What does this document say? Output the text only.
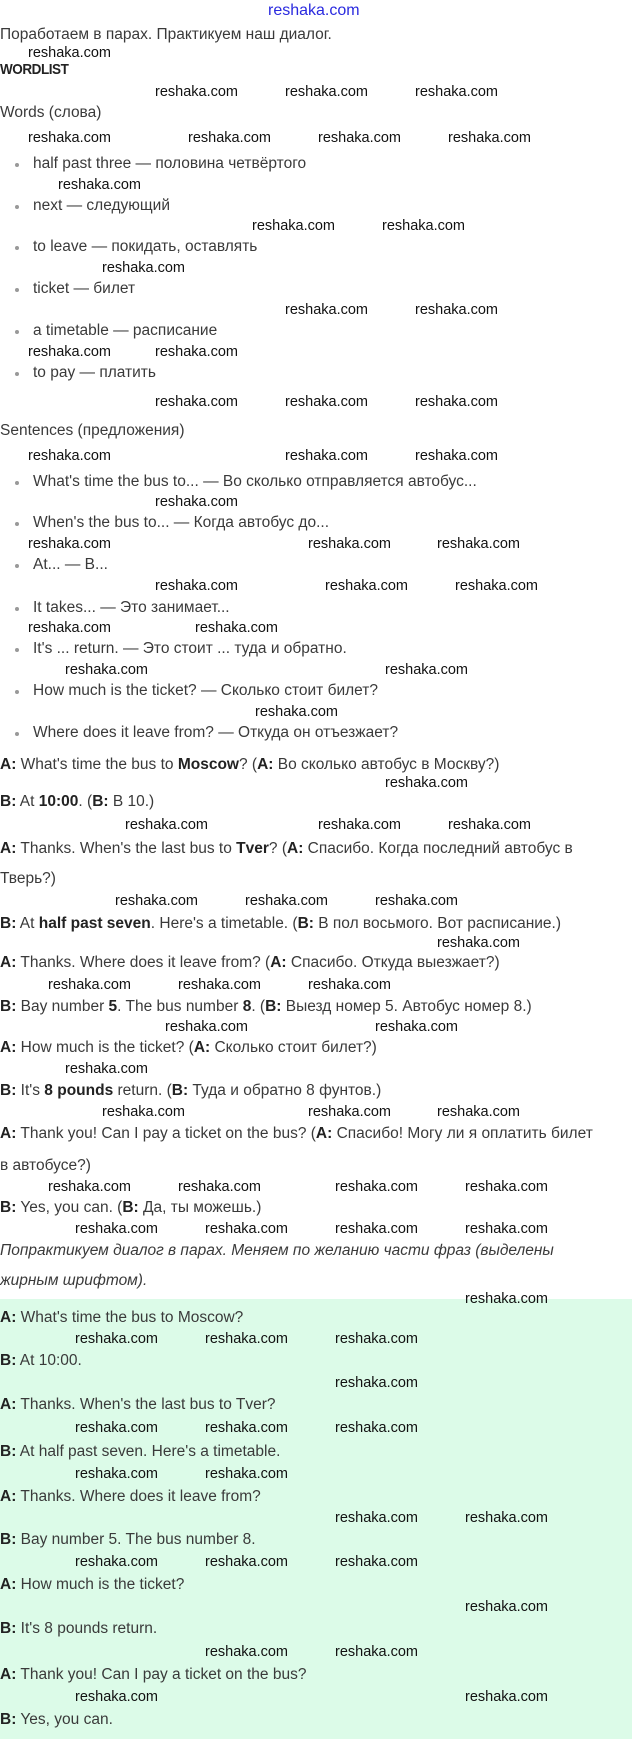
reshaka.com
Поработаем в парах. Практикуем наш диалог.
WORDLIST
Words (слова)
half past three — половина четвёртого
next — следующий
to leave — покидать, оставлять
ticket — билет
a timetable — расписание
to pay — платить
Sentences (предложения)
What's time the bus to... — Во сколько отправляется автобус...
When's the bus to... — Когда автобус до...
At... — В...
It takes... — Это занимает...
It's ... return. — Это стоит ... туда и обратно.
How much is the ticket? — Сколько стоит билет?
Where does it leave from? — Откуда он отъезжает?
A: What's time the bus to Moscow? (A: Во сколько автобус в Москву?)
B: At 10:00. (B: В 10.)
A: Thanks. When's the last bus to Tver? (A: Спасибо. Когда последний автобус в
Тверь?)
B: At half past seven. Here's a timetable. (B: В пол восьмого. Вот расписание.)
A: Thanks. Where does it leave from? (A: Спасибо. Откуда выезжает?)
B: Bay number 5. The bus number 8. (B: Выезд номер 5. Автобус номер 8.)
A: How much is the ticket? (A: Сколько стоит билет?)
B: It's 8 pounds return. (B: Туда и обратно 8 фунтов.)
A: Thank you! Can I pay a ticket on the bus? (A: Спасибо! Могу ли я оплатить билет
в автобусе?)
B: Yes, you can. (B: Да, ты можешь.)
Попрактикуем диалог в парах. Меняем по желанию части фраз (выделены
жирным шрифтом).
A: What's time the bus to Moscow?
B: At 10:00.
A: Thanks. When's the last bus to Tver?
B: At half past seven. Here's a timetable.
A: Thanks. Where does it leave from?
B: Bay number 5. The bus number 8.
A: How much is the ticket?
B: It's 8 pounds return.
A: Thank you! Can I pay a ticket on the bus?
B: Yes, you can.
reshaka.com
reshaka.com	reshaka.com	reshaka.com
reshaka.com	reshaka.com	reshaka.com	reshaka.com
reshaka.com
reshaka.com	reshaka.com
reshaka.com
reshaka.com	reshaka.com
reshaka.com	reshaka.com
reshaka.com	reshaka.com	reshaka.com
reshaka.com	reshaka.com	reshaka.com
reshaka.com
reshaka.com	reshaka.com	reshaka.com
reshaka.com	reshaka.com	reshaka.com
reshaka.com	reshaka.com
reshaka.com	reshaka.com
reshaka.com
reshaka.com
reshaka.com	reshaka.com	reshaka.com
reshaka.com	reshaka.com	reshaka.com
reshaka.com
reshaka.com	reshaka.com	reshaka.com
reshaka.com	reshaka.com
reshaka.com
reshaka.com	reshaka.com	reshaka.com
reshaka.com	reshaka.com	reshaka.com	reshaka.com
reshaka.com	reshaka.com	reshaka.com	reshaka.com
reshaka.com
reshaka.com	reshaka.com	reshaka.com
reshaka.com
reshaka.com	reshaka.com	reshaka.com
reshaka.com	reshaka.com
reshaka.com	reshaka.com
reshaka.com	reshaka.com	reshaka.com
reshaka.com
reshaka.com	reshaka.com
reshaka.com	reshaka.com
